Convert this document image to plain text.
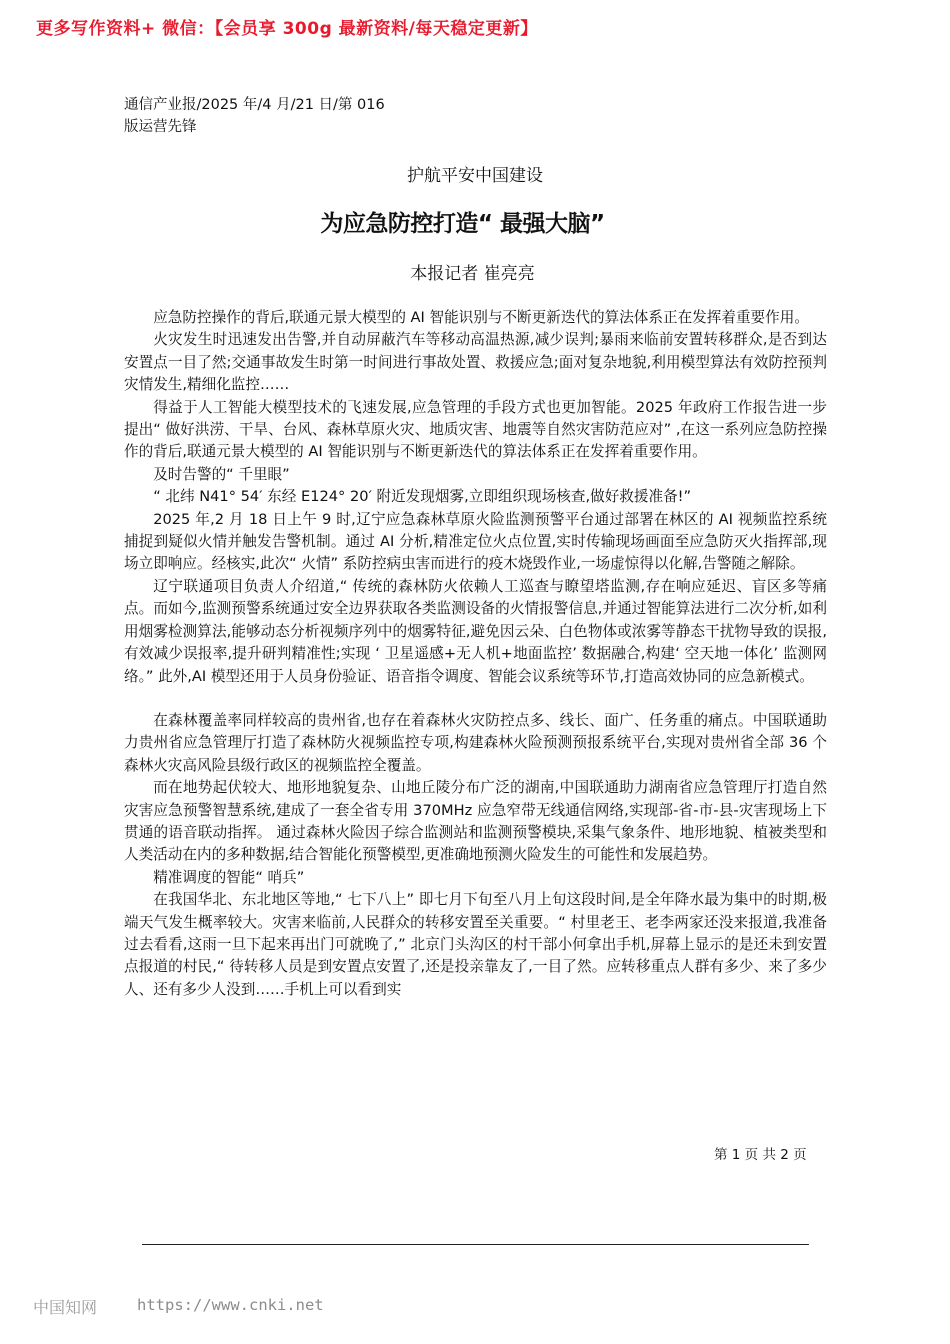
更多写作资料+ 微信：【会员享 300g 最新资料/每天稳定更新】
通信产业报/2025 年/4 月/21 日/第 016
版运营先锋
护航平安中国建设
为应急防控打造“ 最强大脑”
本报记者 崔亮亮

应急防控操作的背后,联通元景大模型的 AI 智能识别与不断更新迭代的算法体系正在发挥着重要作用。

火灾发生时迅速发出告警,并自动屏蔽汽车等移动高温热源,减少误判;暴雨来临前安置转移群众,是否到达安置点一目了然;交通事故发生时第一时间进行事故处置、救援应急;面对复杂地貌,利用模型算法有效防控预判灾情发生,精细化监控……

得益于人工智能大模型技术的飞速发展,应急管理的手段方式也更加智能。2025 年政府工作报告进一步提出“ 做好洪涝、干旱、台风、森林草原火灾、地质灾害、地震等自然灾害防范应对” ,在这一系列应急防控操作的背后,联通元景大模型的 AI 智能识别与不断更新迭代的算法体系正在发挥着重要作用。

及时告警的“ 千里眼”

“ 北纬 N41° 54′ 东经 E124° 20′ 附近发现烟雾,立即组织现场核查,做好救援准备!”

2025 年,2 月 18 日上午 9 时,辽宁应急森林草原火险监测预警平台通过部署在林区的 AI 视频监控系统捕捉到疑似火情并触发告警机制。通过 AI 分析,精准定位火点位置,实时传输现场画面至应急防灭火指挥部,现场立即响应。经核实,此次“ 火情” 系防控病虫害而进行的疫木烧毁作业,一场虚惊得以化解,告警随之解除。

辽宁联通项目负责人介绍道,“ 传统的森林防火依赖人工巡查与瞭望塔监测,存在响应延迟、盲区多等痛点。而如今,监测预警系统通过安全边界获取各类监测设备的火情报警信息,并通过智能算法进行二次分析,如利用烟雾检测算法,能够动态分析视频序列中的烟雾特征,避免因云朵、白色物体或浓雾等静态干扰物导致的误报,有效减少误报率,提升研判精准性;实现 ‘ 卫星遥感+无人机+地面监控’ 数据融合,构建‘ 空天地一体化’ 监测网络。” 此外,AI 模型还用于人员身份验证、语音指令调度、智能会议系统等环节,打造高效协同的应急新模式。

在森林覆盖率同样较高的贵州省,也存在着森林火灾防控点多、线长、面广、任务重的痛点。中国联通助力贵州省应急管理厅打造了森林防火视频监控专项,构建森林火险预测预报系统平台,实现对贵州省全部 36 个森林火灾高风险县级行政区的视频监控全覆盖。

而在地势起伏较大、地形地貌复杂、山地丘陵分布广泛的湖南,中国联通助力湖南省应急管理厅打造自然灾害应急预警智慧系统,建成了一套全省专用 370MHz 应急窄带无线通信网络,实现部-省-市-县-灾害现场上下贯通的语音联动指挥。 通过森林火险因子综合监测站和监测预警模块,采集气象条件、地形地貌、植被类型和人类活动在内的多种数据,结合智能化预警模型,更准确地预测火险发生的可能性和发展趋势。

精准调度的智能“ 哨兵”

在我国华北、东北地区等地,“ 七下八上” 即七月下旬至八月上旬这段时间,是全年降水最为集中的时期,极端天气发生概率较大。灾害来临前,人民群众的转移安置至关重要。“ 村里老王、老李两家还没来报道,我准备过去看看,这雨一旦下起来再出门可就晚了,” 北京门头沟区的村干部小何拿出手机,屏幕上显示的是还未到安置点报道的村民,“ 待转移人员是到安置点安置了,还是投亲靠友了,一目了然。应转移重点人群有多少、来了多少人、还有多少人没到……手机上可以看到实

第 1 页 共 2 页
中国知网	https://www.cnki.net
